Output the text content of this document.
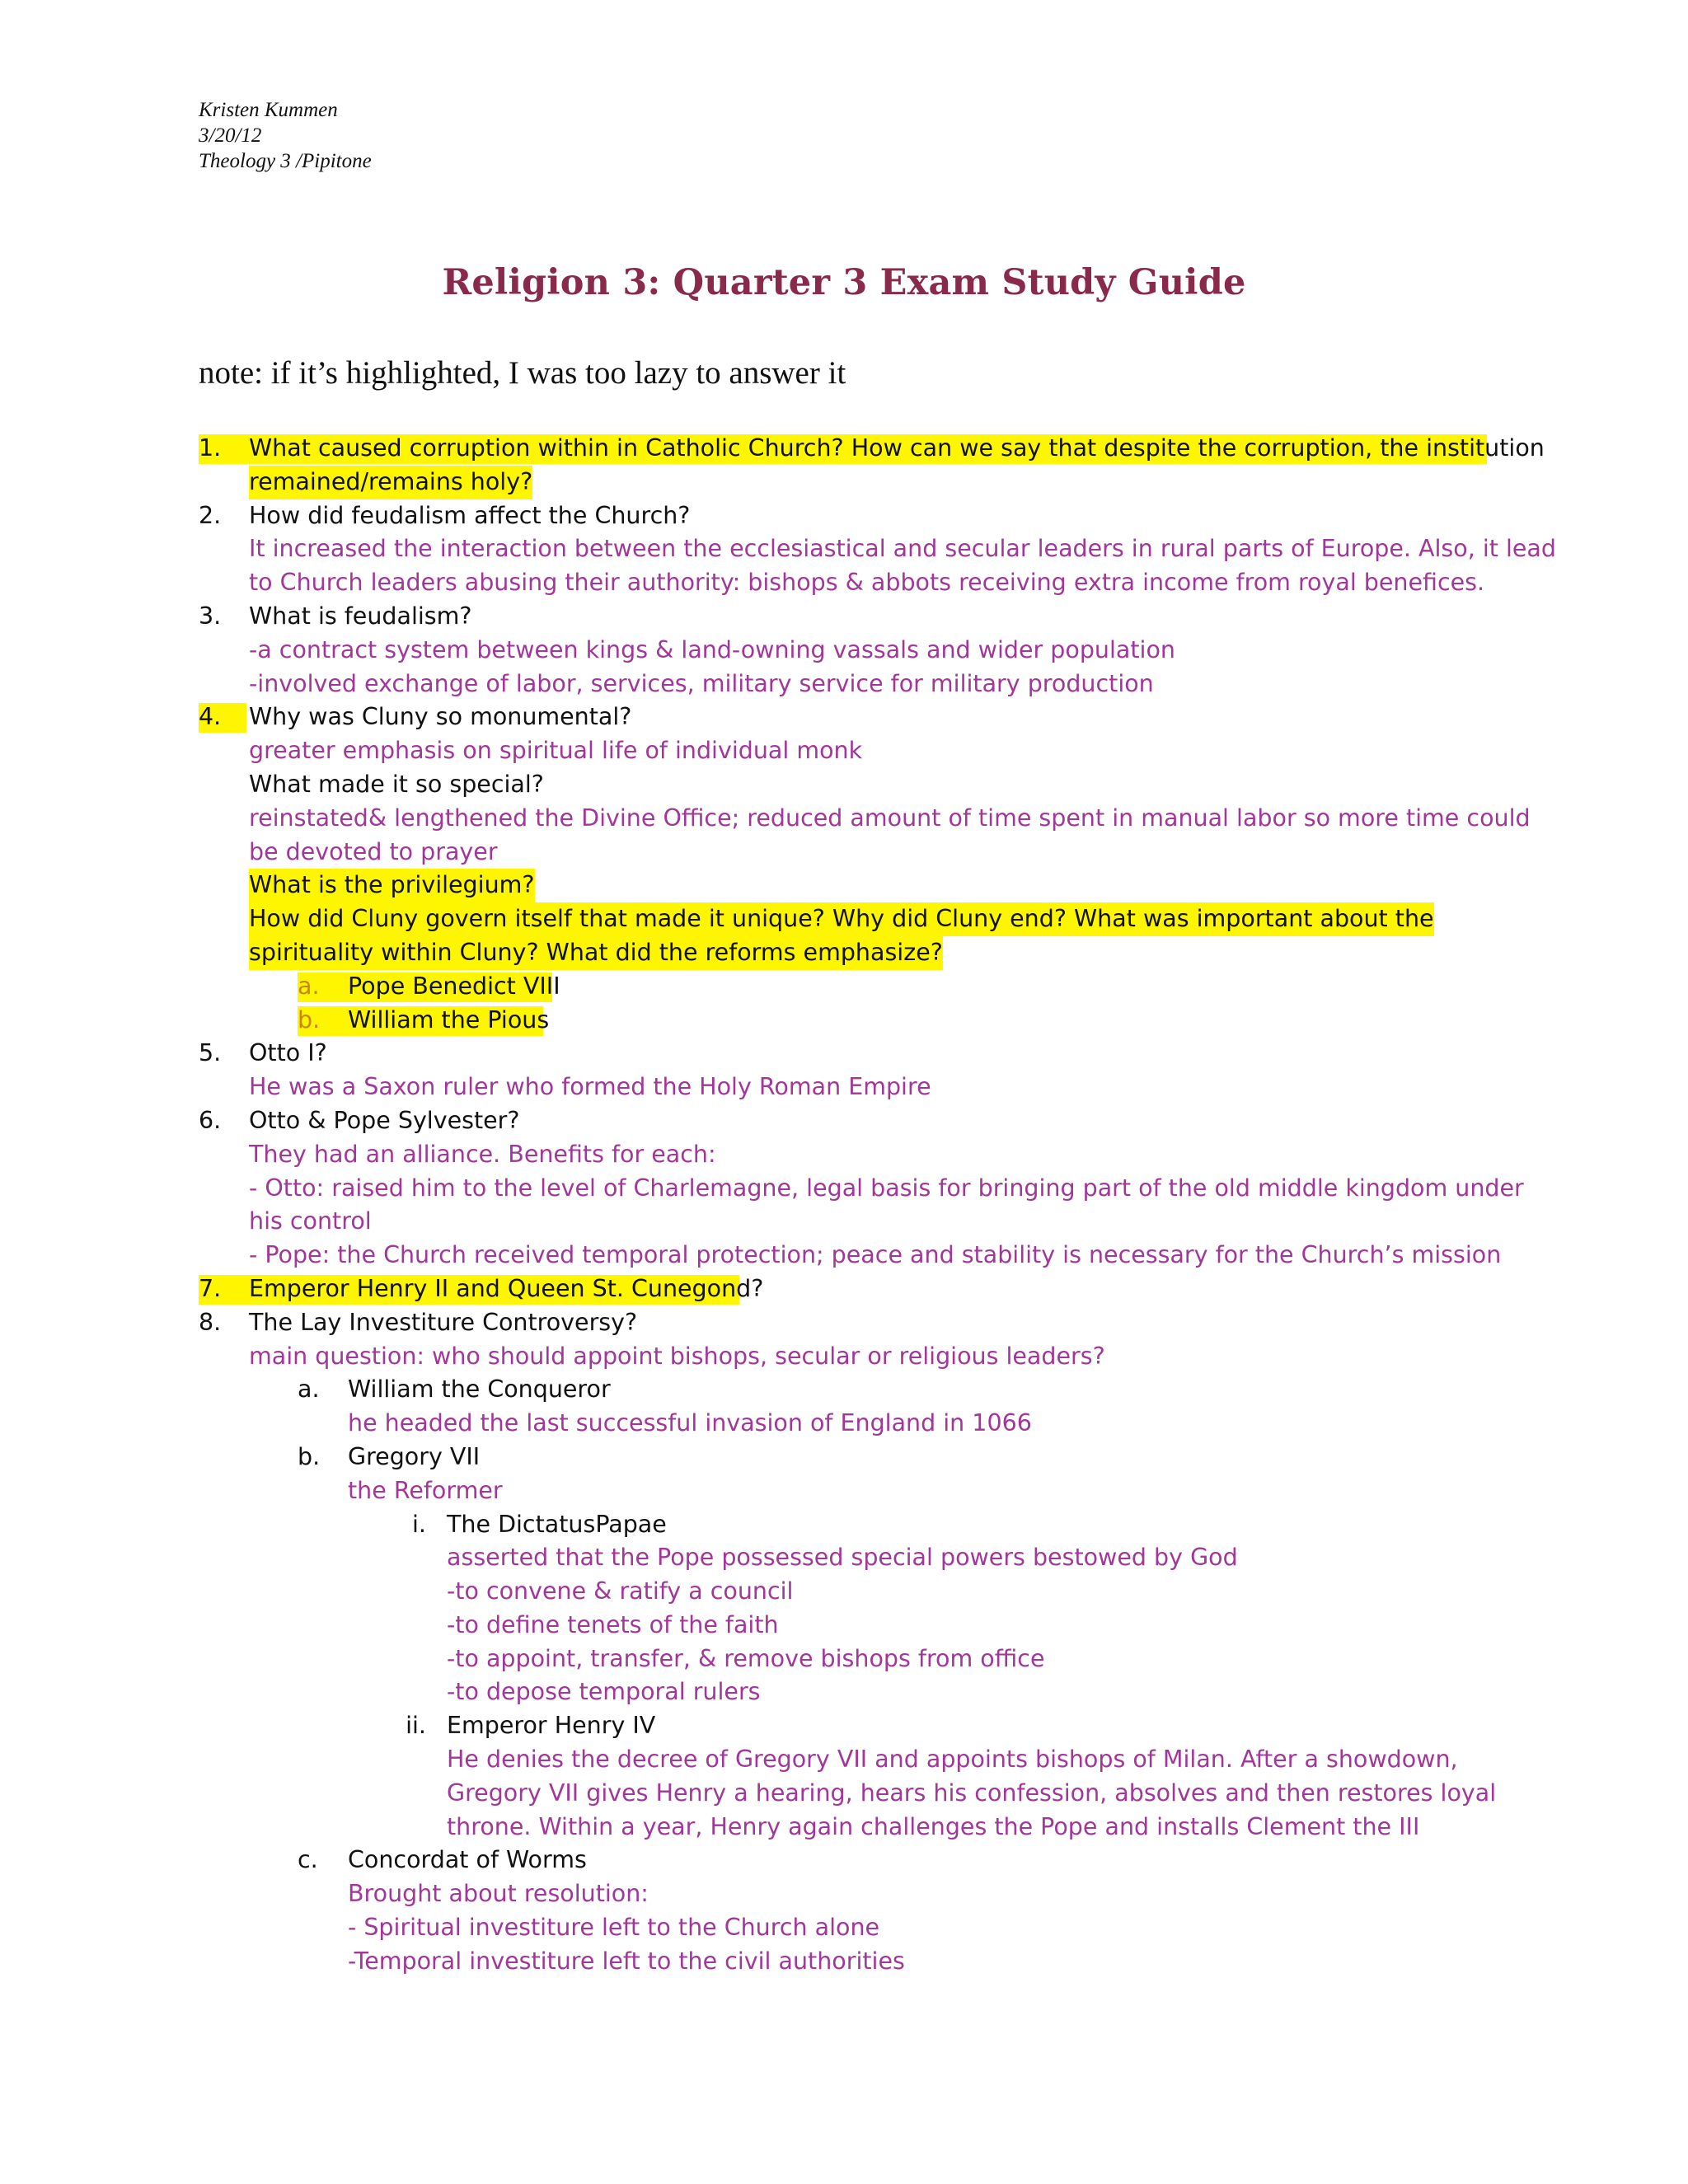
Kristen Kummen
3/20/12
Theology 3 /Pipitone
Religion 3: Quarter 3 Exam Study Guide
note: if it’s highlighted, I was too lazy to answer it
1. What caused corruption within in Catholic Church? How can we say that despite the corruption, the institution
remained/remains holy?
2. How did feudalism affect the Church?
It increased the interaction between the ecclesiastical and secular leaders in rural parts of Europe. Also, it lead
to Church leaders abusing their authority: bishops & abbots receiving extra income from royal benefices.
3. What is feudalism?
-a contract system between kings & land-owning vassals and wider population
-involved exchange of labor, services, military service for military production
4. Why was Cluny so monumental?
greater emphasis on spiritual life of individual monk
What made it so special?
reinstated& lengthened the Divine Office; reduced amount of time spent in manual labor so more time could
be devoted to prayer
What is the privilegium?
How did Cluny govern itself that made it unique? Why did Cluny end? What was important about the
spirituality within Cluny? What did the reforms emphasize?
a. Pope Benedict VIII
b. William the Pious
5. Otto I?
He was a Saxon ruler who formed the Holy Roman Empire
6. Otto & Pope Sylvester?
They had an alliance. Benefits for each:
- Otto: raised him to the level of Charlemagne, legal basis for bringing part of the old middle kingdom under
his control
- Pope: the Church received temporal protection; peace and stability is necessary for the Church’s mission
7. Emperor Henry II and Queen St. Cunegond?
8. The Lay Investiture Controversy?
main question: who should appoint bishops, secular or religious leaders?
a. William the Conqueror
he headed the last successful invasion of England in 1066
b. Gregory VII
the Reformer
i. The DictatusPapae
asserted that the Pope possessed special powers bestowed by God
-to convene & ratify a council
-to define tenets of the faith
-to appoint, transfer, & remove bishops from office
-to depose temporal rulers
ii. Emperor Henry IV
He denies the decree of Gregory VII and appoints bishops of Milan. After a showdown,
Gregory VII gives Henry a hearing, hears his confession, absolves and then restores loyal
throne. Within a year, Henry again challenges the Pope and installs Clement the III
c. Concordat of Worms
Brought about resolution:
- Spiritual investiture left to the Church alone
-Temporal investiture left to the civil authorities
